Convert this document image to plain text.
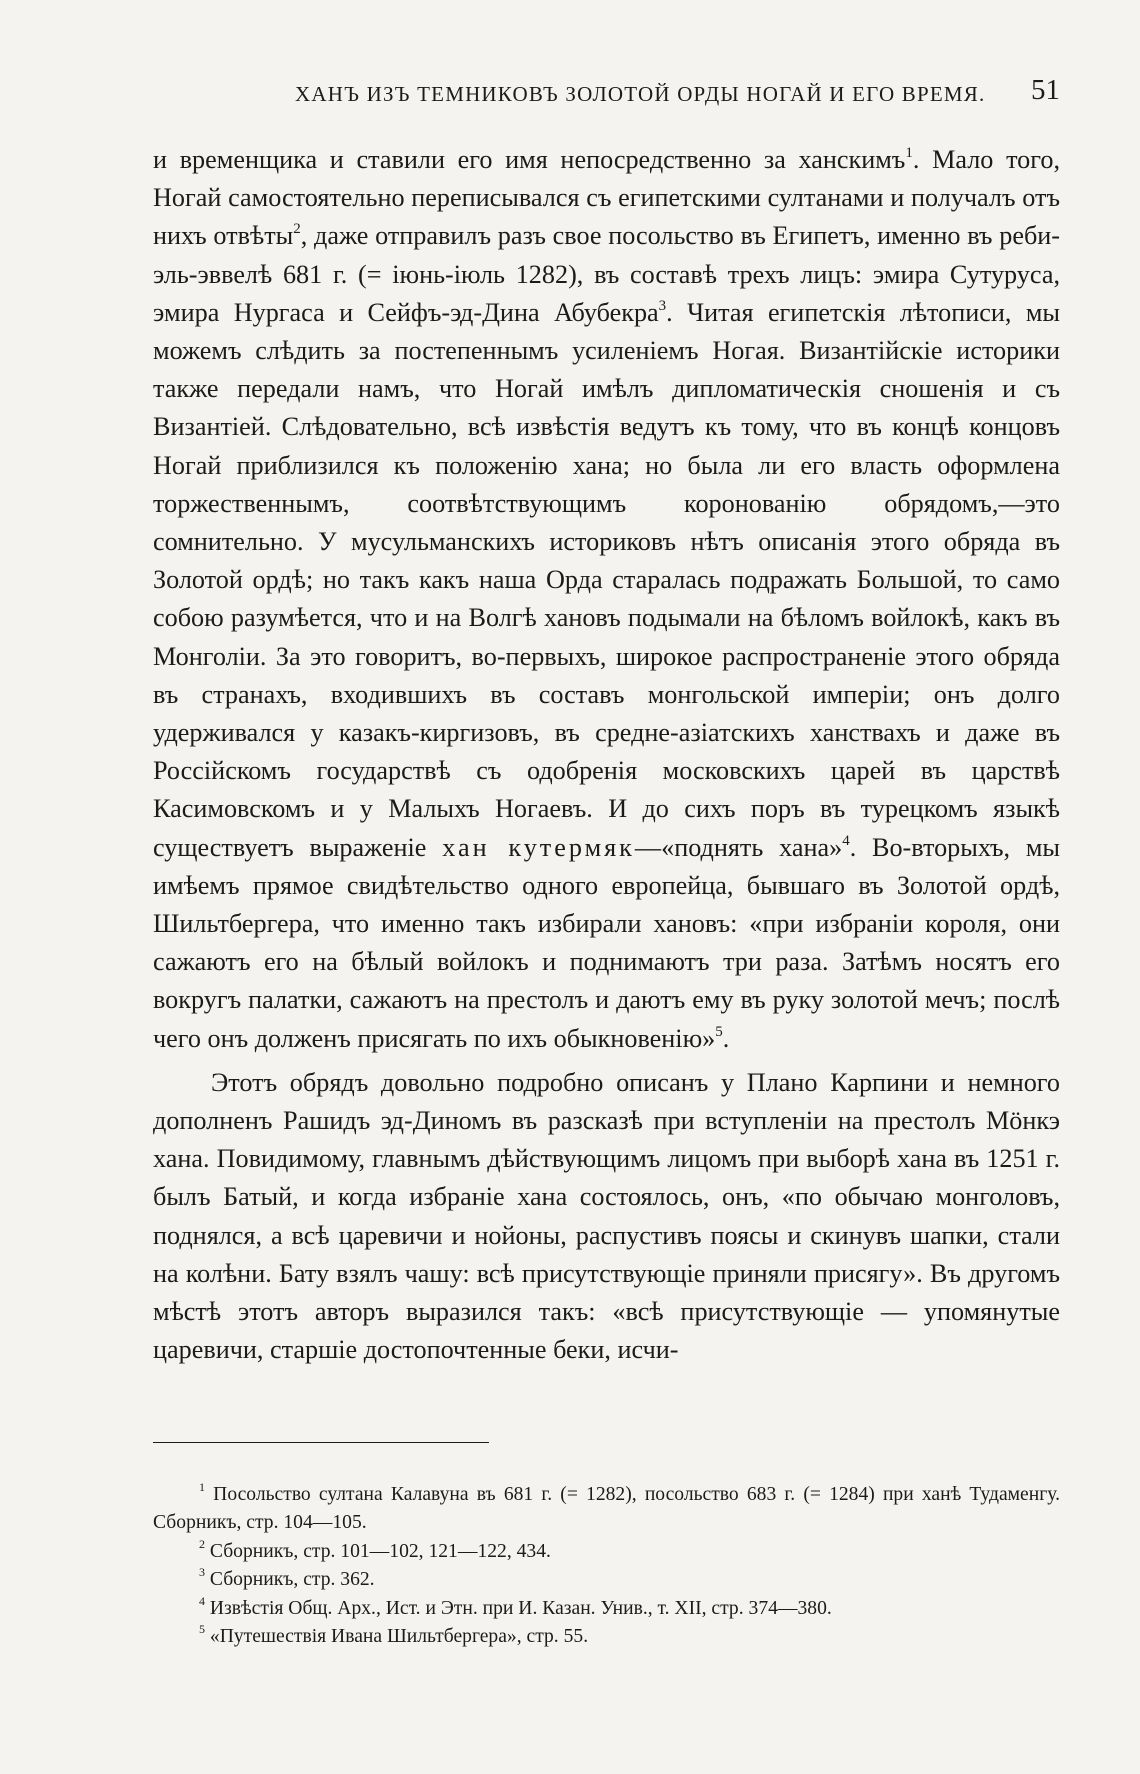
ХАНЪ ИЗЪ ТЕМНИКОВЪ ЗОЛОТОЙ ОРДЫ НОГАЙ И ЕГО ВРЕМЯ. 51

и временщика и ставили его имя непосредственно за ханскимъ$^1$. Мало того, Ногай самостоятельно переписывался съ египетскими султанами и получалъ отъ нихъ отвѣты$^2$, даже отправилъ разъ свое посольство въ Египетъ, именно въ реби-эль-эввелѣ 681 г. (= іюнь-іюль 1282), въ составѣ трехъ лицъ: эмира Сутуруса, эмира Нургаса и Сейфъ-эд-Дина Абубекра$^3$. Читая египетскія лѣтописи, мы можемъ слѣдить за постепеннымъ усиленіемъ Ногая. Византійскіе историки также передали намъ, что Ногай имѣлъ дипломатическія сношенія и съ Византіей. Слѣдовательно, всѣ извѣстія ведутъ къ тому, что въ концѣ концовъ Ногай приблизился къ положенію хана; но была ли его власть оформлена торжественнымъ, соотвѣтствующимъ коронованію обрядомъ,—это сомнительно. У мусульманскихъ историковъ нѣтъ описанія этого обряда въ Золотой ордѣ; но такъ какъ наша Орда старалась подражать Большой, то само собою разумѣется, что и на Волгѣ хановъ подымали на бѣломъ войлокѣ, какъ въ Монголіи. За это говоритъ, во-первыхъ, широкое распространеніе этого обряда въ странахъ, входившихъ въ составъ монгольской имперіи; онъ долго удерживался у казакъ-киргизовъ, въ средне-азіатскихъ ханствахъ и даже въ Россійскомъ государствѣ съ одобренія московскихъ царей въ царствѣ Касимовскомъ и у Малыхъ Ногаевъ. И до сихъ поръ въ турецкомъ языкѣ существуетъ выраженіе хан кутермяк—«поднять хана»$^4$. Во-вторыхъ, мы имѣемъ прямое свидѣтельство одного европейца, бывшаго въ Золотой ордѣ, Шильтбергера, что именно такъ избирали хановъ: «при избраніи короля, они сажаютъ его на бѣлый войлокъ и поднимаютъ три раза. Затѣмъ носятъ его вокругъ палатки, сажаютъ на престолъ и даютъ ему въ руку золотой мечъ; послѣ чего онъ долженъ присягать по ихъ обыкновенію»$^5$.

Этотъ обрядъ довольно подробно описанъ у Плано Карпини и немного дополненъ Рашидъ эд-Диномъ въ разсказѣ при вступленіи на престолъ Мӧнкэ хана. Повидимому, главнымъ дѣйствующимъ лицомъ при выборѣ хана въ 1251 г. былъ Батый, и когда избраніе хана состоялось, онъ, «по обычаю монголовъ, поднялся, а всѣ царевичи и нойоны, распустивъ поясы и скинувъ шапки, стали на колѣни. Бату взялъ чашу: всѣ присутствующіе приняли присягу». Въ другомъ мѣстѣ этотъ авторъ выразился такъ: «всѣ присутствующіе — упомянутые царевичи, старшіе достопочтенные беки, исчи-

$^1$ Посольство султана Калавуна въ 681 г. (= 1282), посольство 683 г. (= 1284) при ханѣ Тудаменгу. Сборникъ, стр. 104—105.

$^2$ Сборникъ, стр. 101—102, 121—122, 434.

$^3$ Сборникъ, стр. 362.

$^4$ Извѣстія Общ. Арх., Ист. и Этн. при И. Казан. Унив., т. XII, стр. 374—380.

$^5$ «Путешествія Ивана Шильтбергера», стр. 55.
